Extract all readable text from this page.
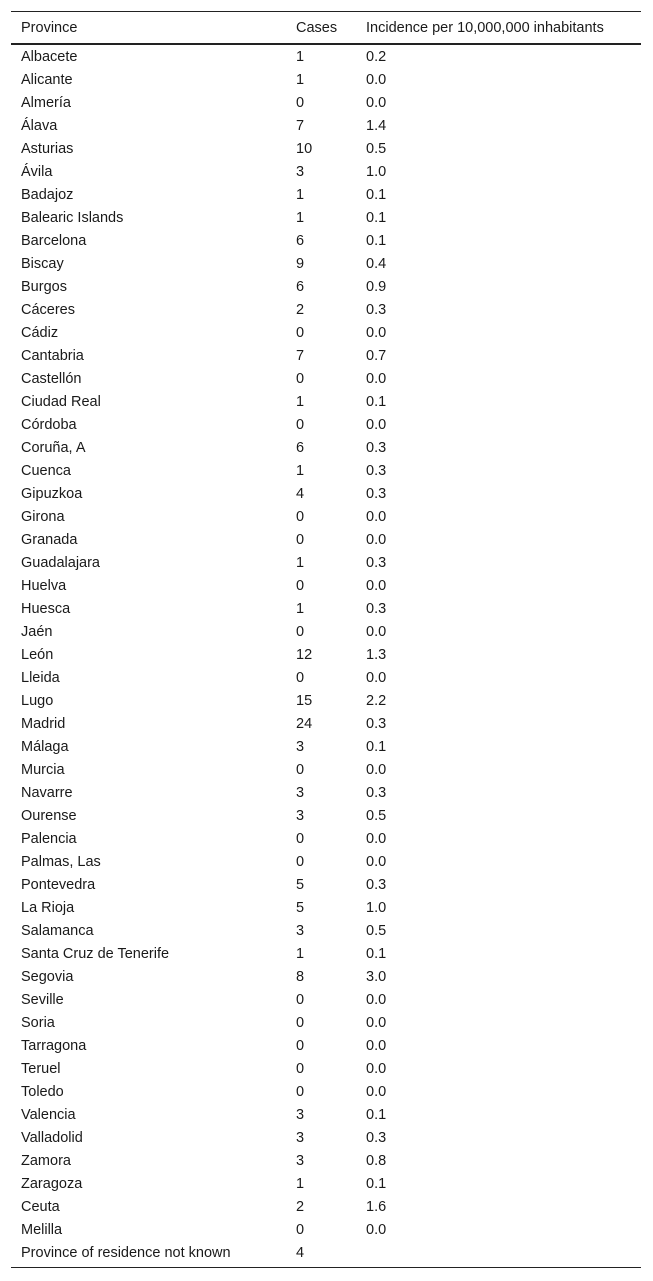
Province	Cases	Incidence per 10,000,000 inhabitants
Albacete	1	0.2
Alicante	1	0.0
Almería	0	0.0
Álava	7	1.4
Asturias	10	0.5
Ávila	3	1.0
Badajoz	1	0.1
Balearic Islands	1	0.1
Barcelona	6	0.1
Biscay	9	0.4
Burgos	6	0.9
Cáceres	2	0.3
Cádiz	0	0.0
Cantabria	7	0.7
Castellón	0	0.0
Ciudad Real	1	0.1
Córdoba	0	0.0
Coruña, A	6	0.3
Cuenca	1	0.3
Gipuzkoa	4	0.3
Girona	0	0.0
Granada	0	0.0
Guadalajara	1	0.3
Huelva	0	0.0
Huesca	1	0.3
Jaén	0	0.0
León	12	1.3
Lleida	0	0.0
Lugo	15	2.2
Madrid	24	0.3
Málaga	3	0.1
Murcia	0	0.0
Navarre	3	0.3
Ourense	3	0.5
Palencia	0	0.0
Palmas, Las	0	0.0
Pontevedra	5	0.3
La Rioja	5	1.0
Salamanca	3	0.5
Santa Cruz de Tenerife	1	0.1
Segovia	8	3.0
Seville	0	0.0
Soria	0	0.0
Tarragona	0	0.0
Teruel	0	0.0
Toledo	0	0.0
Valencia	3	0.1
Valladolid	3	0.3
Zamora	3	0.8
Zaragoza	1	0.1
Ceuta	2	1.6
Melilla	0	0.0
Province of residence not known	4	
